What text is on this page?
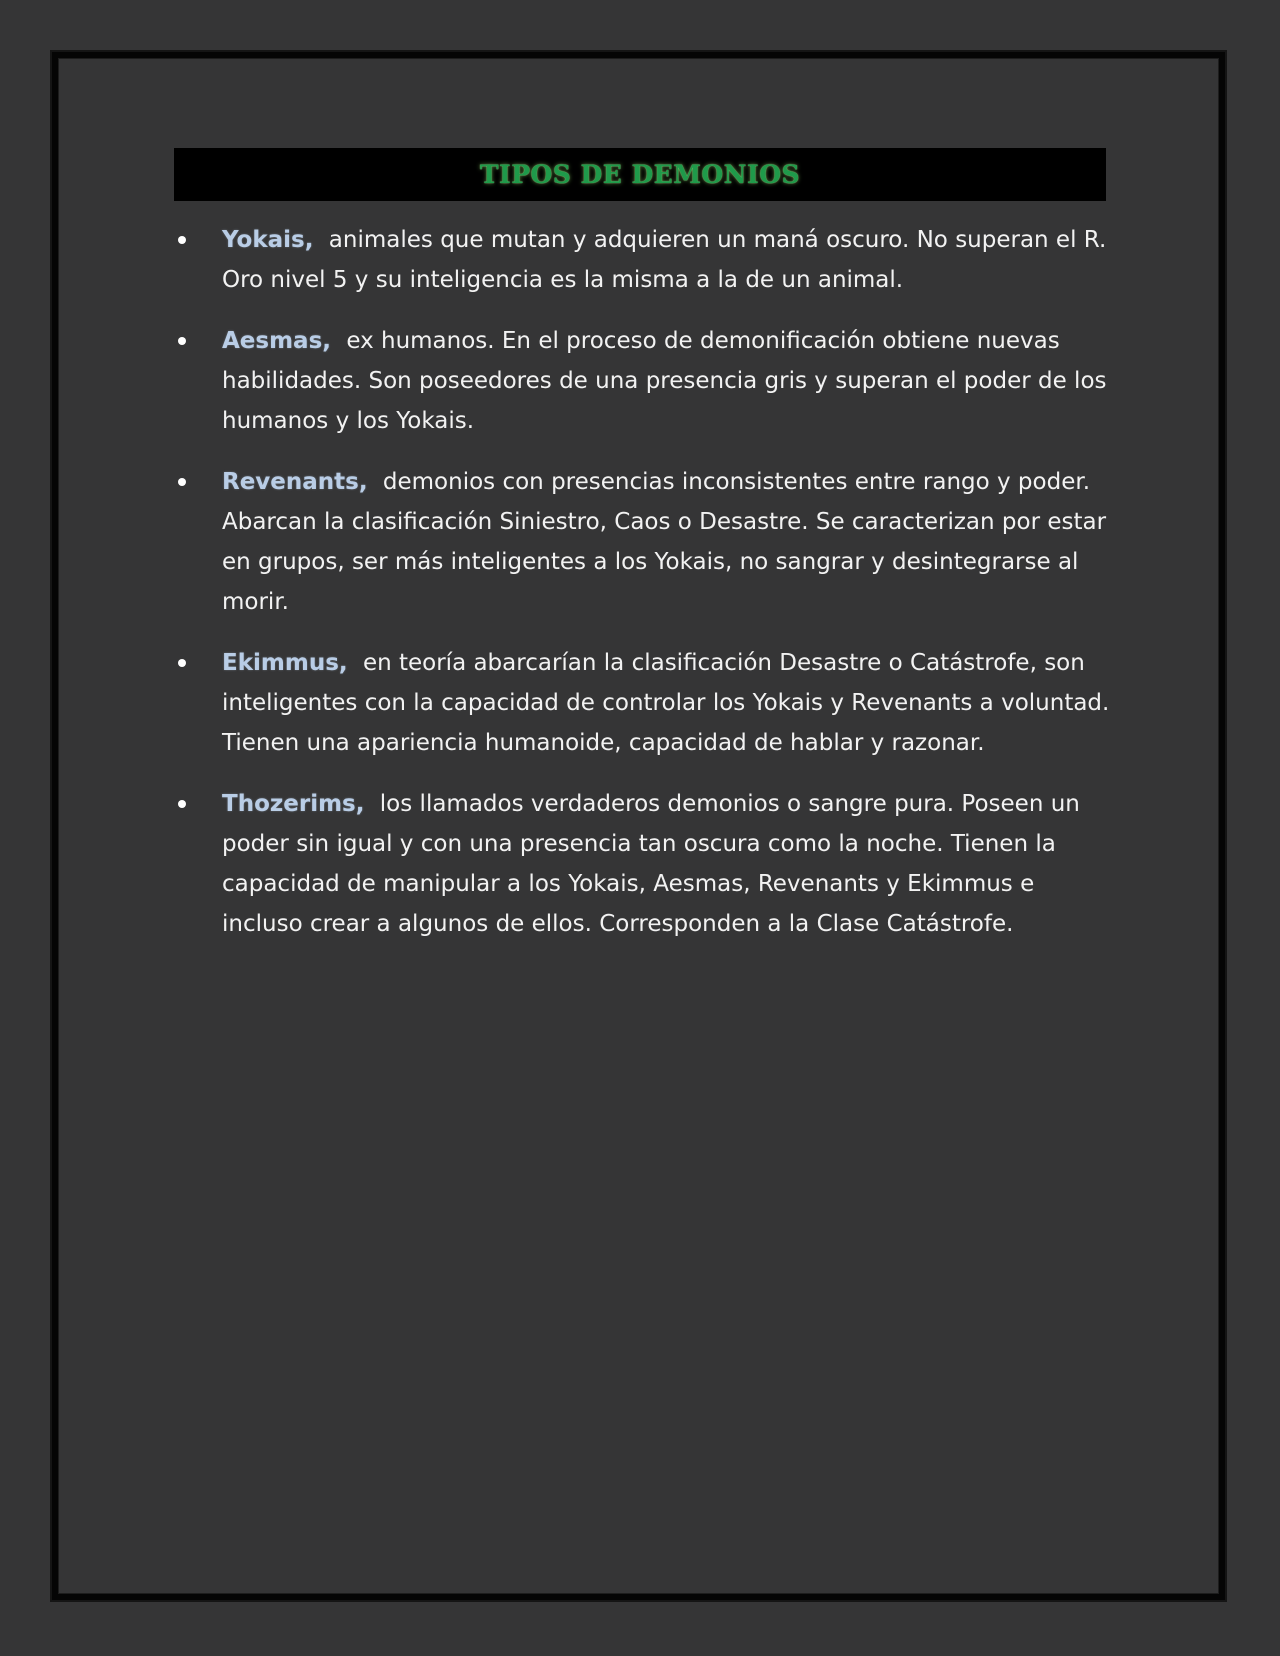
TIPOS DE DEMONIOS
Yokais, animales que mutan y adquieren un maná oscuro. No superan el R. Oro nivel 5 y su inteligencia es la misma a la de un animal.
Aesmas, ex humanos. En el proceso de demonificación obtiene nuevas habilidades. Son poseedores de una presencia gris y superan el poder de los humanos y los Yokais.
Revenants, demonios con presencias inconsistentes entre rango y poder. Abarcan la clasificación Siniestro, Caos o Desastre. Se caracterizan por estar en grupos, ser más inteligentes a los Yokais, no sangrar y desintegrarse al morir.
Ekimmus, en teoría abarcarían la clasificación Desastre o Catástrofe, son inteligentes con la capacidad de controlar los Yokais y Revenants a voluntad. Tienen una apariencia humanoide, capacidad de hablar y razonar.
Thozerims, los llamados verdaderos demonios o sangre pura. Poseen un poder sin igual y con una presencia tan oscura como la noche. Tienen la capacidad de manipular a los Yokais, Aesmas, Revenants y Ekimmus e incluso crear a algunos de ellos. Corresponden a la Clase Catástrofe.
